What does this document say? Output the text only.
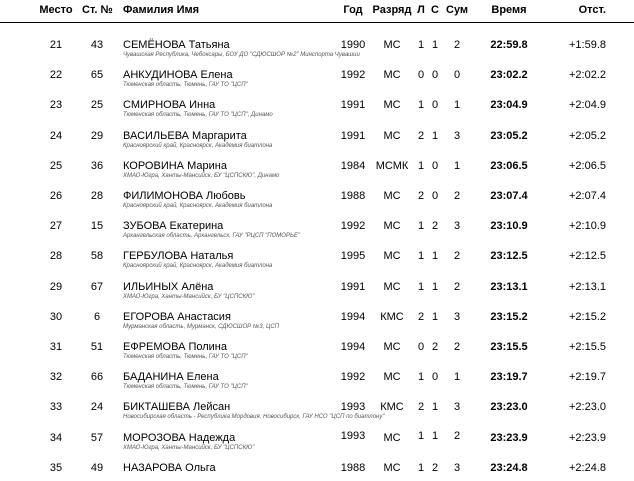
Место Ст. № Фамилия Имя	Год Разряд Л С Сум	Время	Отст.
21	43	СЕМЁНОВА Татьяна	1990	МС	1 1	2	22:59.8	+1:59.8
Чувашская Республика, Чебоксары, БОУ ДО "СДЮСШОР №2" Минспорта Чувашии
22	65	АНКУДИНОВА Елена	1992	МС	0 0	0	23:02.2	+2:02.2
Тюменская область, Тюмень, ГАУ ТО "ЦСП"
23	25	СМИРНОВА Инна	1991	МС	1 0	1	23:04.9	+2:04.9
Тюменская область, Тюмень, ГАУ ТО "ЦСП", Динамо
24	29	ВАСИЛЬЕВА Маргарита	1991	МС	2 1	3	23:05.2	+2:05.2
Красноярский край, Красноярск, Академия биатлона
25	36	КОРОВИНА Марина	1984 МСМК 1 0	1	23:06.5	+2:06.5
ХМАО-Югра, Ханты-Мансийск, БУ "ЦСПСКЮ", Динамо
26	28	ФИЛИМОНОВА Любовь	1988	МС	2 0	2	23:07.4	+2:07.4
Красноярский край, Красноярск, Академия биатлона
27	15	ЗУБОВА Екатерина	1992	МС	1 2	3	23:10.9	+2:10.9
Архангельская область, Архангельск, ГАУ "РЦСП "ПОМОРЬЕ"
28	58	ГЕРБУЛОВА Наталья	1995	МС	1 1	2	23:12.5	+2:12.5
Красноярский край, Красноярск, Академия биатлона
29	67	ИЛЬИНЫХ Алёна	1991	МС	1 1	2	23:13.1	+2:13.1
ХМАО-Югра, Ханты-Мансийск, БУ "ЦСПСКЮ"
30	6	ЕГОРОВА Анастасия	1994	КМС	2 1	3	23:15.2	+2:15.2
Мурманская область, Мурманск, СДЮСШОР №3, ЦСП
31	51	ЕФРЕМОВА Полина	1994	МС	0 2	2	23:15.5	+2:15.5
Тюменская область, Тюмень, ГАУ ТО "ЦСП"
32	66	БАДАНИНА Елена	1992	МС	1 0	1	23:19.7	+2:19.7
Тюменская область, Тюмень, ГАУ ТО "ЦСП"
33	24	БИКТАШЕВА Лейсан	1993	КМС	2 1	3	23:23.0	+2:23.0
Новосибирская область - Республика Мордовия, Новосибирск, ГАУ НСО "ЦСП по биатлону"
34	57	МОРОЗОВА Надежда	1993	МС	1 1	2	23:23.9	+2:23.9
ХМАО-Югра, Ханты-Мансийск, БУ "ЦСПСКЮ"
35	49	НАЗАРОВА Ольга	1988	МС	1 2	3	23:24.8	+2:24.8
